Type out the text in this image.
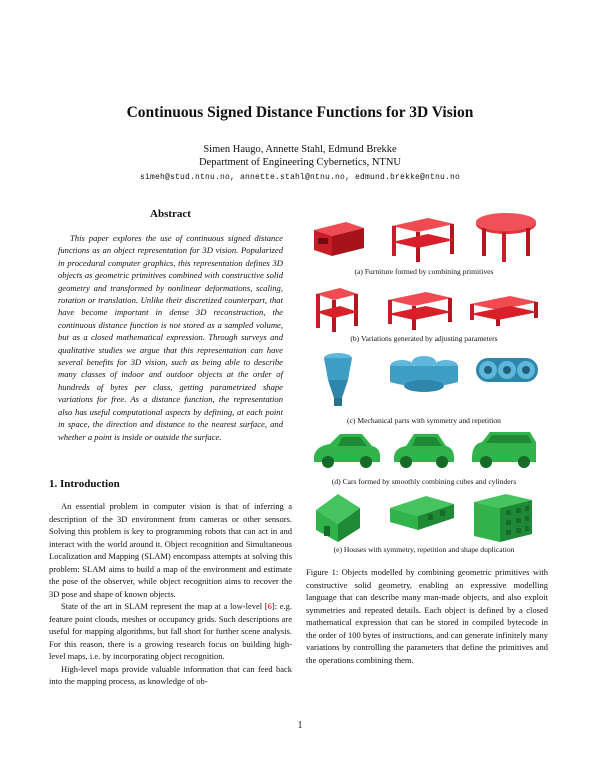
Continuous Signed Distance Functions for 3D Vision
Simen Haugo, Annette Stahl, Edmund Brekke
Department of Engineering Cybernetics, NTNU
simeh@stud.ntnu.no, annette.stahl@ntnu.no, edmund.brekke@ntnu.no
Abstract

This paper explores the use of continuous signed distance functions as an object representation for 3D vision. Popularized in procedural computer graphics, this representation defines 3D objects as geometric primitives combined with constructive solid geometry and transformed by nonlinear deformations, scaling, rotation or translation. Unlike their discretized counterpart, that have become important in dense 3D reconstruction, the continuous distance function is not stored as a sampled volume, but as a closed mathematical expression. Through surveys and qualitative studies we argue that this representation can have several benefits for 3D vision, such as being able to describe many classes of indoor and outdoor objects at the order of hundreds of bytes per class, getting parametrized shape variations for free. As a distance function, the representation also has useful computational aspects by defining, at each point in space, the direction and distance to the nearest surface, and whether a point is inside or outside the surface.

1. Introduction

An essential problem in computer vision is that of inferring a description of the 3D environment from cameras or other sensors. Solving this problem is key to programming robots that can act in and interact with the world around it. Object recognition and Simultaneous Localization and Mapping (SLAM) encompass attempts at solving this problem: SLAM aims to build a map of the environment and estimate the pose of the observer, while object recognition aims to recover the 3D pose and shape of known objects.

State of the art in SLAM represent the map at a low-level [6]: e.g. feature point clouds, meshes or occupancy grids. Such descriptions are useful for mapping algorithms, but fall short for further scene analysis. For this reason, there is a growing research focus on building high-level maps, i.e. by incorporating object recognition.

High-level maps provide valuable information that can feed back into the mapping process, as knowledge of ob-

(a) Furniture formed by combining primitives
(b) Variations generated by adjusting parameters
(c) Mechanical parts with symmetry and repetition
(d) Cars formed by smoothly combining cubes and cylinders
(e) Houses with symmetry, repetition and shape duplication

Figure 1: Objects modelled by combining geometric primitives with constructive solid geometry, enabling an expressive modelling language that can describe many man-made objects, and also exploit symmetries and repeated details. Each object is defined by a closed mathematical expression that can be stored in compiled bytecode in the order of 100 bytes of instructions, and can generate infinitely many variations by controlling the parameters that define the primitives and the operations combining them.

1
